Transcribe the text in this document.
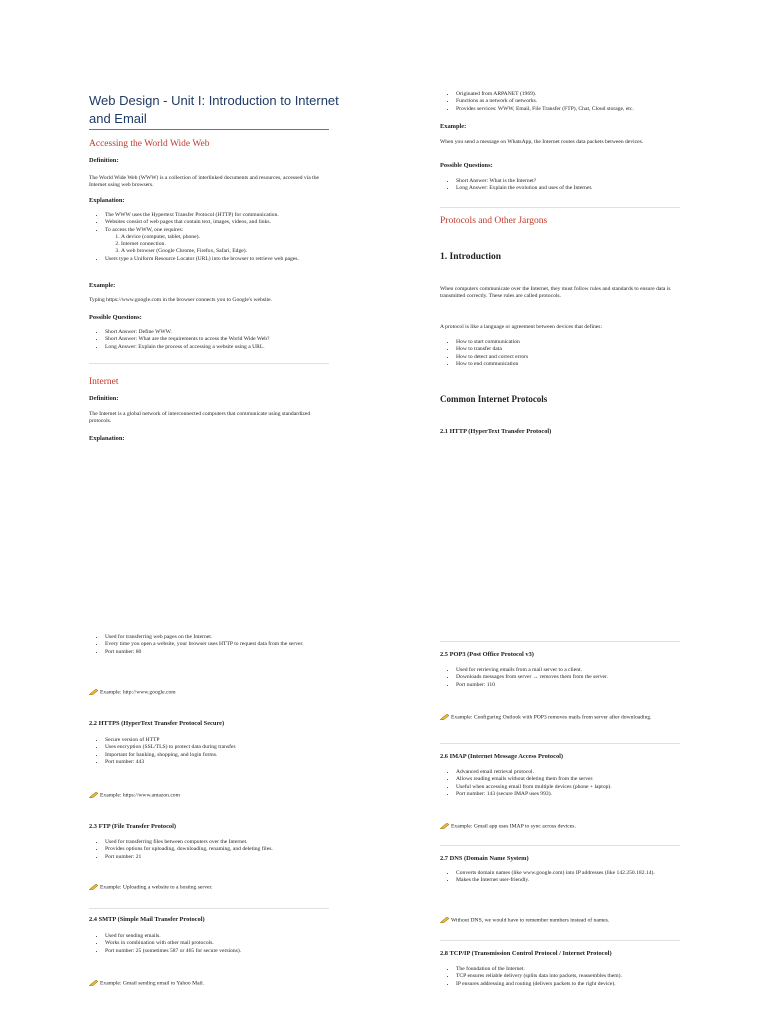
Web Design - Unit I: Introduction to Internet and Email
Accessing the World Wide Web
Definition:
The World Wide Web (WWW) is a collection of interlinked documents and resources, accessed via the Internet using web browsers.
Explanation:
• The WWW uses the Hypertext Transfer Protocol (HTTP) for communication.
• Websites consist of web pages that contain text, images, videos, and links.
• To access the WWW, one requires:
1. A device (computer, tablet, phone).
2. Internet connection.
3. A web browser (Google Chrome, Firefox, Safari, Edge).
• Users type a Uniform Resource Locator (URL) into the browser to retrieve web pages.
Example:
Typing https://www.google.com in the browser connects you to Google's website.
Possible Questions:
• Short Answer: Define WWW.
• Short Answer: What are the requirements to access the World Wide Web?
• Long Answer: Explain the process of accessing a website using a URL.
Internet
Definition:
The Internet is a global network of interconnected computers that communicate using standardized protocols.
Explanation:
• Originated from ARPANET (1969).
• Functions as a network of networks.
• Provides services: WWW, Email, File Transfer (FTP), Chat, Cloud storage, etc.
Example:
When you send a message on WhatsApp, the Internet routes data packets between devices.
Possible Questions:
• Short Answer: What is the Internet?
• Long Answer: Explain the evolution and uses of the Internet.
Protocols and Other Jargons
1. Introduction
When computers communicate over the Internet, they must follow rules and standards to ensure data is transmitted correctly. These rules are called protocols.
A protocol is like a language or agreement between devices that defines:
• How to start communication
• How to transfer data
• How to detect and correct errors
• How to end communication
Common Internet Protocols
2.1 HTTP (HyperText Transfer Protocol)
• Used for transferring web pages on the Internet.
• Every time you open a website, your browser uses HTTP to request data from the server.
• Port number: 80
Example: http://www.google.com
2.2 HTTPS (HyperText Transfer Protocol Secure)
• Secure version of HTTP
• Uses encryption (SSL/TLS) to protect data during transfer.
• Important for banking, shopping, and login forms.
• Port number: 443
Example: https://www.amazon.com
2.3 FTP (File Transfer Protocol)
• Used for transferring files between computers over the Internet.
• Provides options for uploading, downloading, renaming, and deleting files.
• Port number: 21
Example: Uploading a website to a hosting server.
2.4 SMTP (Simple Mail Transfer Protocol)
• Used for sending emails.
• Works in combination with other mail protocols.
• Port number: 25 (sometimes 587 or 465 for secure versions).
Example: Gmail sending email to Yahoo Mail.
2.5 POP3 (Post Office Protocol v3)
• Used for retrieving emails from a mail server to a client.
• Downloads messages from server → removes them from the server.
• Port number: 110
Example: Configuring Outlook with POP3 removes mails from server after downloading.
2.6 IMAP (Internet Message Access Protocol)
• Advanced email retrieval protocol.
• Allows reading emails without deleting them from the server.
• Useful when accessing email from multiple devices (phone + laptop).
• Port number: 143 (secure IMAP uses 993).
Example: Gmail app uses IMAP to sync across devices.
2.7 DNS (Domain Name System)
• Converts domain names (like www.google.com) into IP addresses (like 142.250.182.14).
• Makes the Internet user-friendly.
Without DNS, we would have to remember numbers instead of names.
2.8 TCP/IP (Transmission Control Protocol / Internet Protocol)
• The foundation of the Internet.
• TCP ensures reliable delivery (splits data into packets, reassembles them).
• IP ensures addressing and routing (delivers packets to the right device).
